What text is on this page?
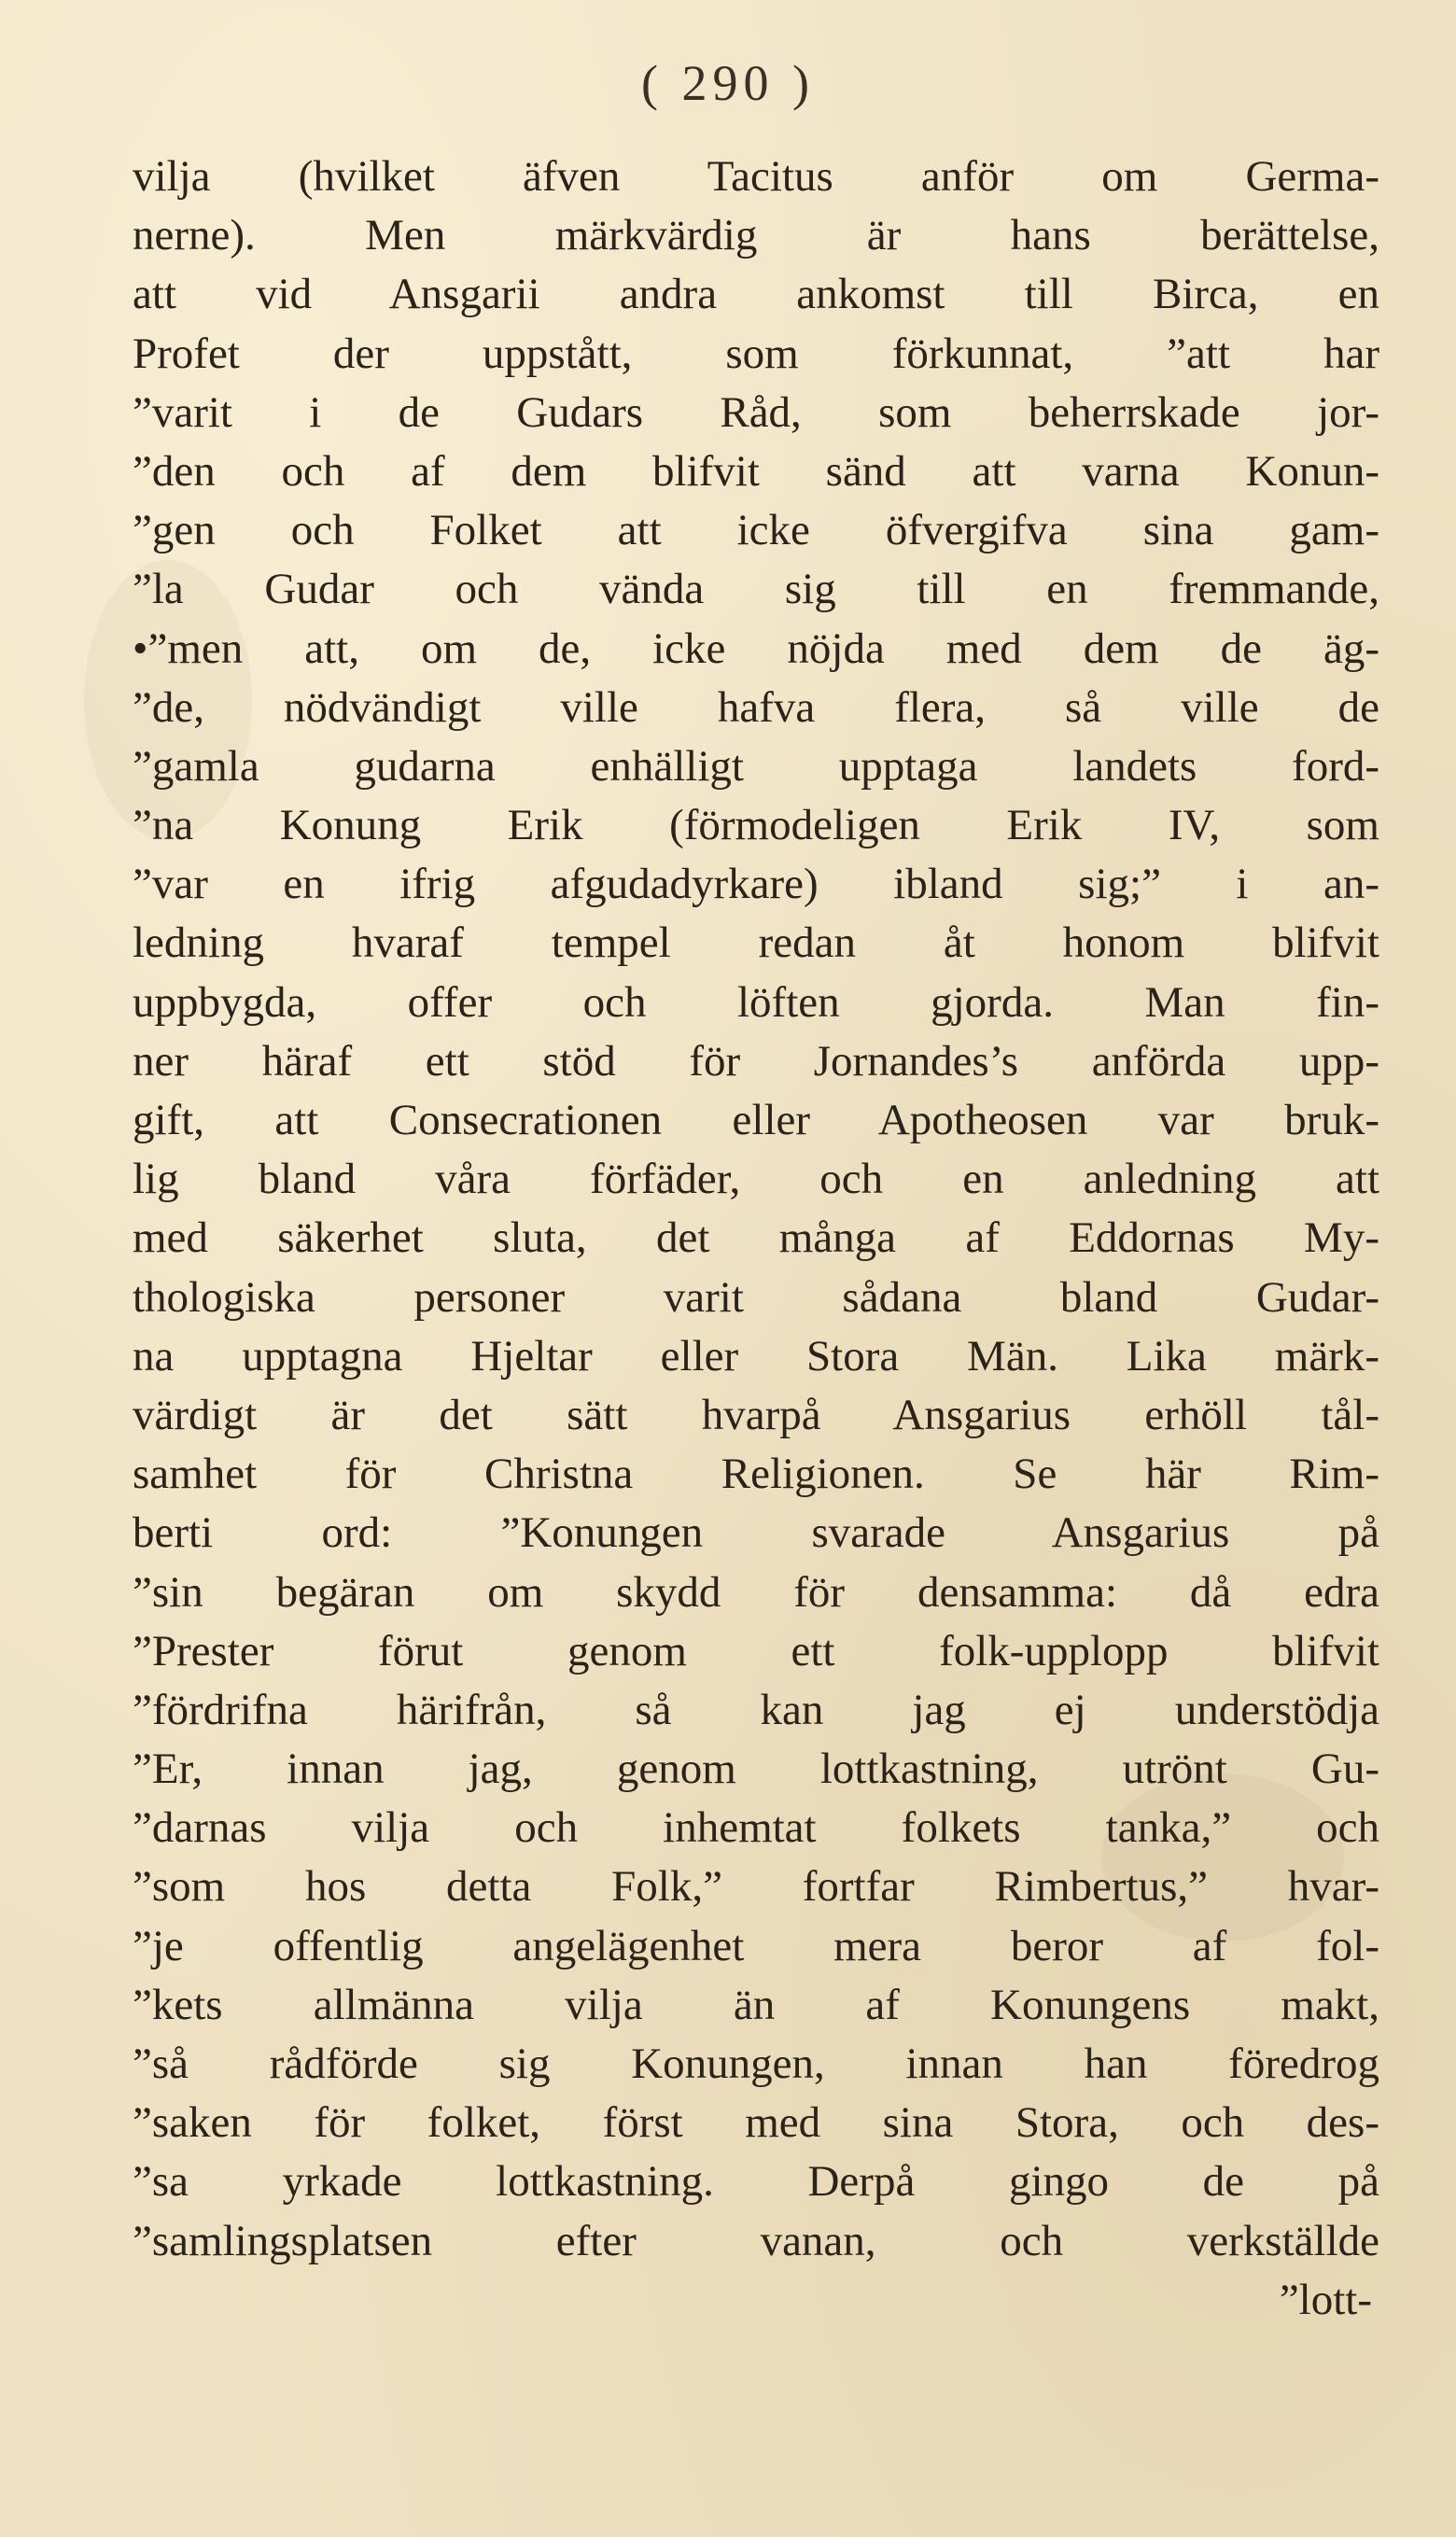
( 290 )
vilja (hvilket äfven Tacitus anför om Germa-
nerne). Men märkvärdig är hans berättelse,
att vid Ansgarii andra ankomst till Birca, en
Profet der uppstått, som förkunnat, ”att har
”varit i de Gudars Råd, som beherrskade jor-
”den och af dem blifvit sänd att varna Konun-
”gen och Folket att icke öfvergifva sina gam-
”la Gudar och vända sig till en fremmande,
•”men att, om de, icke nöjda med dem de äg-
”de, nödvändigt ville hafva flera, så ville de
”gamla gudarna enhälligt upptaga landets ford-
”na Konung Erik (förmodeligen Erik IV, som
”var en ifrig afgudadyrkare) ibland sig;” i an-
ledning hvaraf tempel redan åt honom blifvit
uppbygda, offer och löften gjorda. Man fin-
ner häraf ett stöd för Jornandes’s anförda upp-
gift, att Consecrationen eller Apotheosen var bruk-
lig bland våra förfäder, och en anledning att
med säkerhet sluta, det många af Eddornas My-
thologiska personer varit sådana bland Gudar-
na upptagna Hjeltar eller Stora Män. Lika märk-
värdigt är det sätt hvarpå Ansgarius erhöll tål-
samhet för Christna Religionen. Se här Rim-
berti ord: ”Konungen svarade Ansgarius på
”sin begäran om skydd för densamma: då edra
”Prester förut genom ett folk-upplopp blifvit
”fördrifna härifrån, så kan jag ej understödja
”Er, innan jag, genom lottkastning, utrönt Gu-
”darnas vilja och inhemtat folkets tanka,” och
”som hos detta Folk,” fortfar Rimbertus,” hvar-
”je offentlig angelägenhet mera beror af fol-
”kets allmänna vilja än af Konungens makt,
”så rådförde sig Konungen, innan han föredrog
”saken för folket, först med sina Stora, och des-
”sa yrkade lottkastning. Derpå gingo de på
”samlingsplatsen efter vanan, och verkställde
”lott-
